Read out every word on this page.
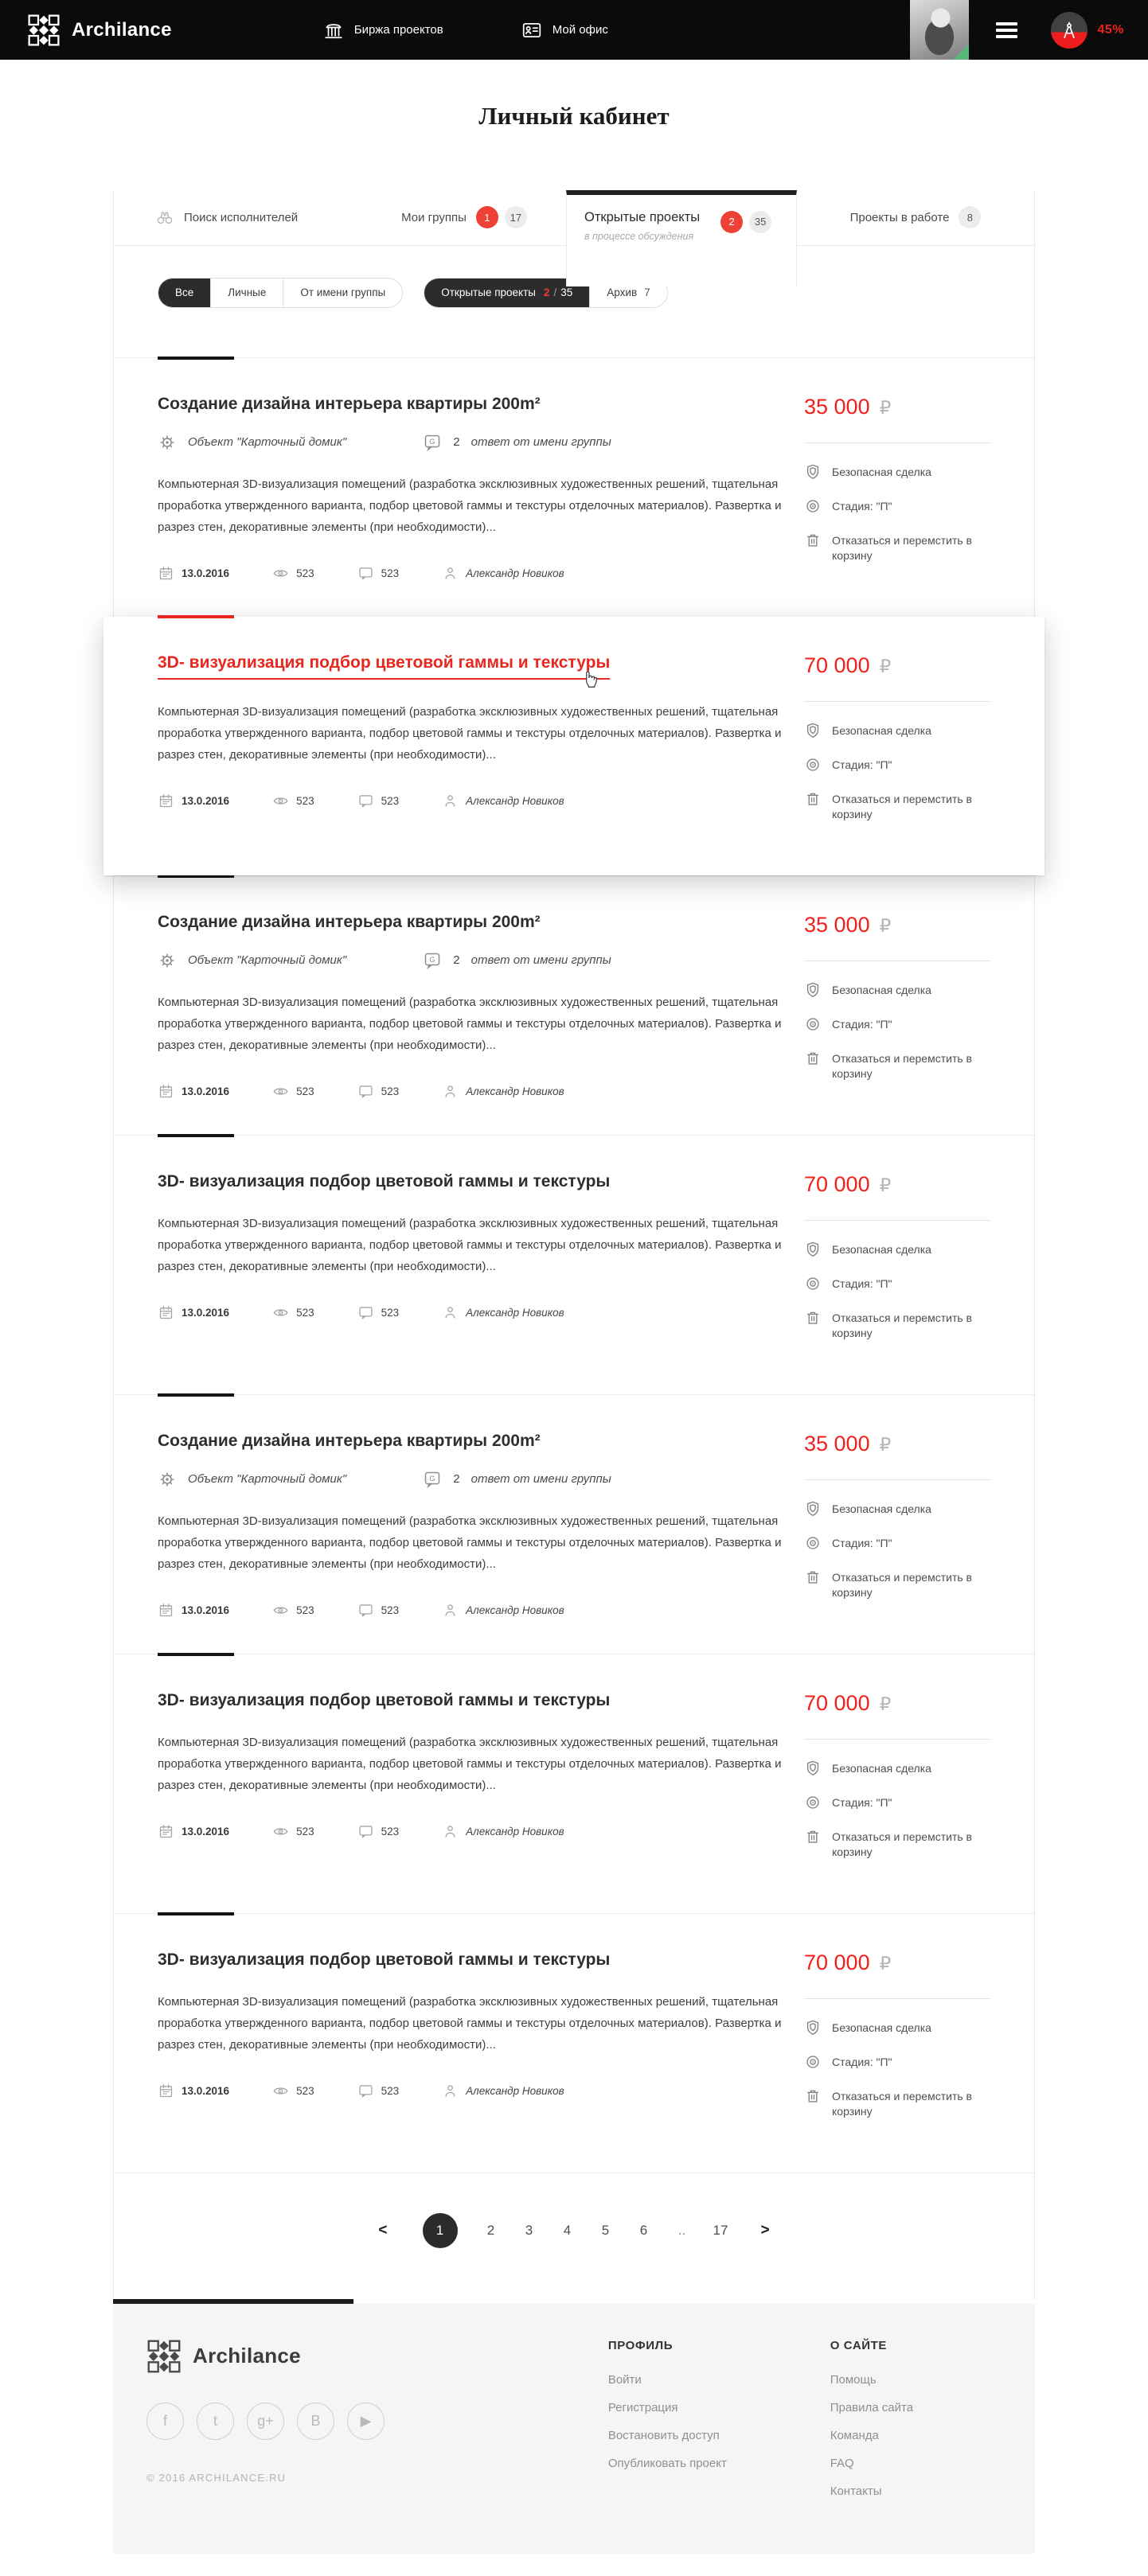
Archilance	Биржа проектов	Мой офис	45%
Личный кабинет
Поиск исполнителей	Мои группы	1	17	Открытые проекты
в процессе обсуждения
2	35	Проекты в работе	8
Все	Личные	От имени группы	Открытые проекты 2 / 35	Архив 7
Создание дизайна интерьера квартиры 200m²
Объект "Карточный домик"	2 ответ от имени группы

Компьютерная 3D-визуализация помещений (разработка эксклюзивных художественных решений, тщательная проработка утвержденного варианта, подбор цветовой гаммы и текстуры отделочных материалов). Развертка и разрез стен, декоративные элементы (при необходимости)...

13.0.2016	523	523	Александр Новиков
35 000 ₽
Безопасная сделка
Стадия: "П"
Отказаться и перемстить в корзину
3D- визуализация подбор цветовой гаммы и текстуры

Компьютерная 3D-визуализация помещений (разработка эксклюзивных художественных решений, тщательная проработка утвержденного варианта, подбор цветовой гаммы и текстуры отделочных материалов). Развертка и разрез стен, декоративные элементы (при необходимости)...

13.0.2016	523	523	Александр Новиков
70 000 ₽
Безопасная сделка
Стадия: "П"
Отказаться и перемстить в корзину
Создание дизайна интерьера квартиры 200m²
Объект "Карточный домик"	2 ответ от имени группы

Компьютерная 3D-визуализация помещений (разработка эксклюзивных художественных решений, тщательная проработка утвержденного варианта, подбор цветовой гаммы и текстуры отделочных материалов). Развертка и разрез стен, декоративные элементы (при необходимости)...

13.0.2016	523	523	Александр Новиков
35 000 ₽
Безопасная сделка
Стадия: "П"
Отказаться и перемстить в корзину
3D- визуализация подбор цветовой гаммы и текстуры

Компьютерная 3D-визуализация помещений (разработка эксклюзивных художественных решений, тщательная проработка утвержденного варианта, подбор цветовой гаммы и текстуры отделочных материалов). Развертка и разрез стен, декоративные элементы (при необходимости)...

13.0.2016	523	523	Александр Новиков
70 000 ₽
Безопасная сделка
Стадия: "П"
Отказаться и перемстить в корзину
Создание дизайна интерьера квартиры 200m²
Объект "Карточный домик"	2 ответ от имени группы

Компьютерная 3D-визуализация помещений (разработка эксклюзивных художественных решений, тщательная проработка утвержденного варианта, подбор цветовой гаммы и текстуры отделочных материалов). Развертка и разрез стен, декоративные элементы (при необходимости)...

13.0.2016	523	523	Александр Новиков
35 000 ₽
Безопасная сделка
Стадия: "П"
Отказаться и перемстить в корзину
3D- визуализация подбор цветовой гаммы и текстуры

Компьютерная 3D-визуализация помещений (разработка эксклюзивных художественных решений, тщательная проработка утвержденного варианта, подбор цветовой гаммы и текстуры отделочных материалов). Развертка и разрез стен, декоративные элементы (при необходимости)...

13.0.2016	523	523	Александр Новиков
70 000 ₽
Безопасная сделка
Стадия: "П"
Отказаться и перемстить в корзину
3D- визуализация подбор цветовой гаммы и текстуры

Компьютерная 3D-визуализация помещений (разработка эксклюзивных художественных решений, тщательная проработка утвержденного варианта, подбор цветовой гаммы и текстуры отделочных материалов). Развертка и разрез стен, декоративные элементы (при необходимости)...

13.0.2016	523	523	Александр Новиков
70 000 ₽
Безопасная сделка
Стадия: "П"
Отказаться и перемстить в корзину
<	1	2 3 4 5 6 .. 17 >
Archilance
f	t	g+	B	▶
© 2016 ARCHILANCE.RU
ПРОФИЛЬ
Войти
Регистрация
Востановить доступ
Опубликовать проект
О САЙТЕ
Помощь
Правила сайта
Команда
FAQ
Контакты
